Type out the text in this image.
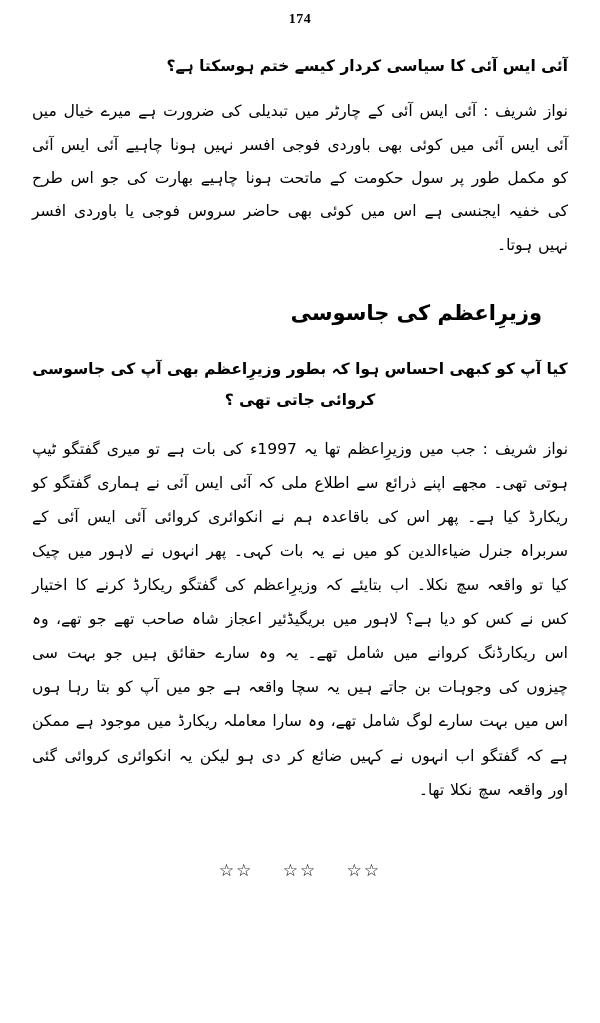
174
آئی ایس آئی کا سیاسی کردار کیسے ختم ہوسکتا ہے؟
نواز شریف : آئی ایس آئی کے چارٹر میں تبدیلی کی ضرورت ہے میرے خیال میں آئی ایس آئی میں کوئی بھی باوردی فوجی افسر نہیں ہونا چاہیے آئی ایس آئی کو مکمل طور پر سول حکومت کے ماتحت ہونا چاہیے بھارت کی جو اس طرح کی خفیہ ایجنسی ہے اس میں کوئی بھی حاضر سروس فوجی یا باوردی افسر نہیں ہوتا۔
وزیرِاعظم کی جاسوسی
کیا آپ کو کبھی احساس ہوا کہ بطور وزیرِاعظم بھی آپ کی جاسوسی کروائی جاتی تھی ؟
نواز شریف : جب میں وزیرِاعظم تھا یہ 1997ء کی بات ہے تو میری گفتگو ٹیپ ہوتی تھی۔ مجھے اپنے ذرائع سے اطلاع ملی کہ آئی ایس آئی نے ہماری گفتگو کو ریکارڈ کیا ہے۔ پھر اس کی باقاعدہ ہم نے انکوائری کروائی آئی ایس آئی کے سربراہ جنرل ضیاءالدین کو میں نے یہ بات کہی۔ پھر انہوں نے لاہور میں چیک کیا تو واقعہ سچ نکلا۔ اب بتایئے کہ وزیرِاعظم کی گفتگو ریکارڈ کرنے کا اختیار کس نے کس کو دیا ہے؟ لاہور میں بریگیڈئیر اعجاز شاہ صاحب تھے جو تھے، وہ اس ریکارڈنگ کروانے میں شامل تھے۔ یہ وہ سارے حقائق ہیں جو بہت سی چیزوں کی وجوہات بن جاتے ہیں یہ سچا واقعہ ہے جو میں آپ کو بتا رہا ہوں اس میں بہت سارے لوگ شامل تھے، وہ سارا معاملہ ریکارڈ میں موجود ہے ممکن ہے کہ گفتگو اب انہوں نے کہیں ضائع کر دی ہو لیکن یہ انکوائری کروائی گئی اور واقعہ سچ نکلا تھا۔
☆☆ ☆☆ ☆☆
